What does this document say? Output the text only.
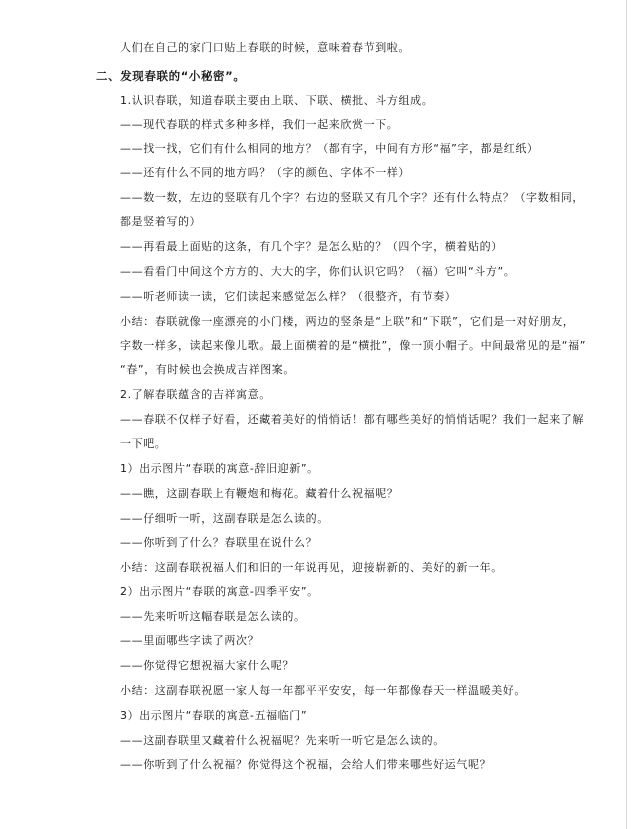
人们在自己的家门口贴上春联的时候，意味着春节到啦。
二、发现春联的“小秘密”。
1.认识春联，知道春联主要由上联、下联、横批、斗方组成。
——现代春联的样式多种多样，我们一起来欣赏一下。
——找一找，它们有什么相同的地方？（都有字，中间有方形“福”字，都是红纸）
——还有什么不同的地方吗？（字的颜色、字体不一样）
——数一数，左边的竖联有几个字？右边的竖联又有几个字？还有什么特点？（字数相同，
都是竖着写的）
——再看最上面贴的这条，有几个字？是怎么贴的？（四个字，横着贴的）
——看看门中间这个方方的、大大的字，你们认识它吗？（福）它叫“斗方”。
——听老师读一读，它们读起来感觉怎么样？（很整齐，有节奏）
小结：春联就像一座漂亮的小门楼，两边的竖条是“上联”和“下联”，它们是一对好朋友，
字数一样多，读起来像儿歌。最上面横着的是“横批”，像一顶小帽子。中间最常见的是“福”
“春”，有时候也会换成吉祥图案。
2.了解春联蕴含的吉祥寓意。
——春联不仅样子好看，还藏着美好的悄悄话！都有哪些美好的悄悄话呢？我们一起来了解
一下吧。
1）出示图片“春联的寓意-辞旧迎新”。
——瞧，这副春联上有鞭炮和梅花。藏着什么祝福呢？
——仔细听一听，这副春联是怎么读的。
——你听到了什么？春联里在说什么？
小结：这副春联祝福人们和旧的一年说再见，迎接崭新的、美好的新一年。
2）出示图片“春联的寓意-四季平安”。
——先来听听这幅春联是怎么读的。
——里面哪些字读了两次？
——你觉得它想祝福大家什么呢？
小结：这副春联祝愿一家人每一年都平平安安，每一年都像春天一样温暖美好。
3）出示图片“春联的寓意-五福临门”
——这副春联里又藏着什么祝福呢？先来听一听它是怎么读的。
——你听到了什么祝福？你觉得这个祝福，会给人们带来哪些好运气呢？
